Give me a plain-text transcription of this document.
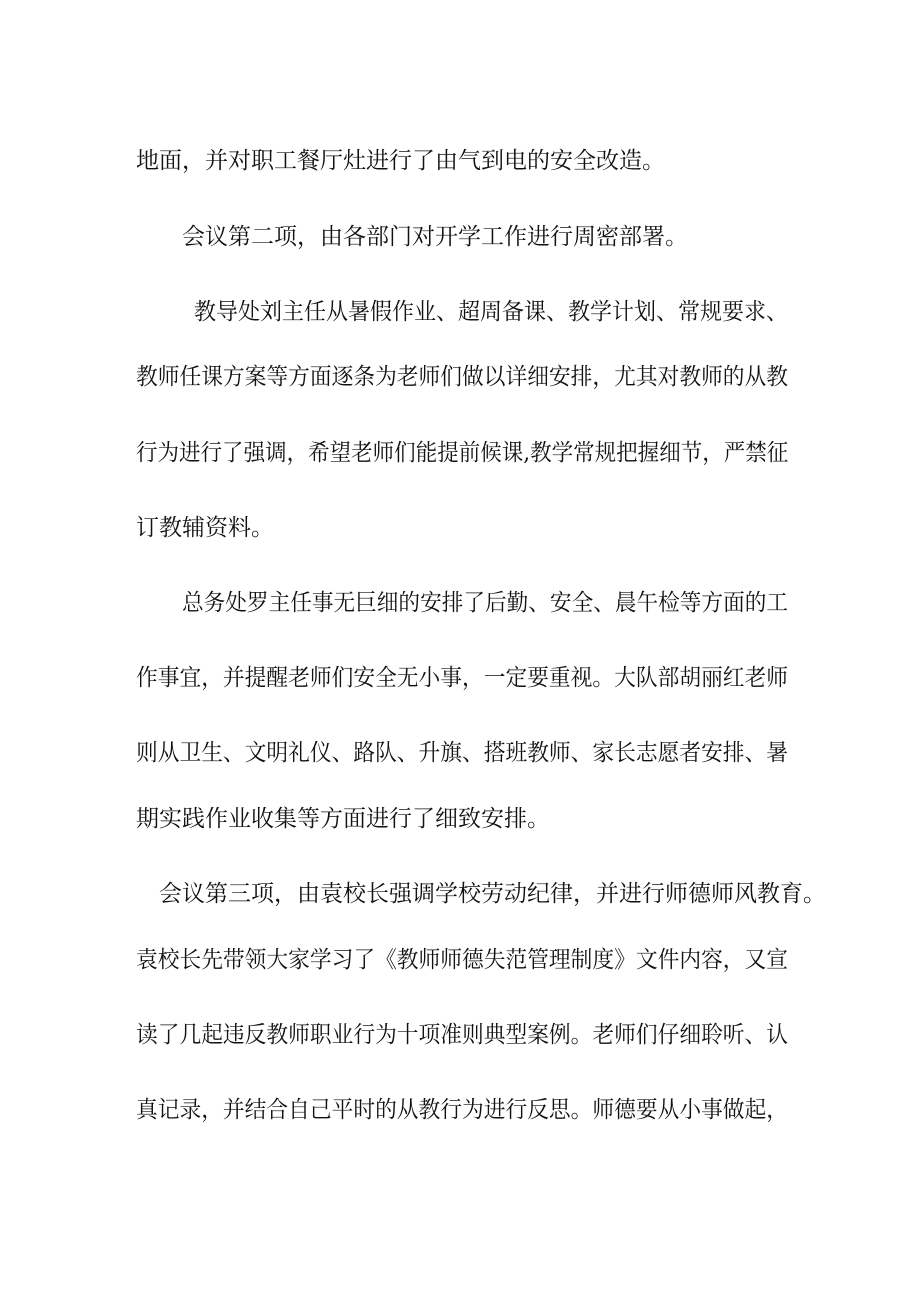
地面，并对职工餐厅灶进行了由气到电的安全改造。
会议第二项，由各部门对开学工作进行周密部署。
教导处刘主任从暑假作业、超周备课、教学计划、常规要求、
教师任课方案等方面逐条为老师们做以详细安排，尤其对教师的从教
行为进行了强调，希望老师们能提前候课,教学常规把握细节，严禁征
订教辅资料。
总务处罗主任事无巨细的安排了后勤、安全、晨午检等方面的工
作事宜，并提醒老师们安全无小事，一定要重视。大队部胡丽红老师
则从卫生、文明礼仪、路队、升旗、搭班教师、家长志愿者安排、暑
期实践作业收集等方面进行了细致安排。
会议第三项，由袁校长强调学校劳动纪律，并进行师德师风教育。
袁校长先带领大家学习了《教师师德失范管理制度》文件内容，又宣
读了几起违反教师职业行为十项准则典型案例。老师们仔细聆听、认
真记录，并结合自己平时的从教行为进行反思。师德要从小事做起，
